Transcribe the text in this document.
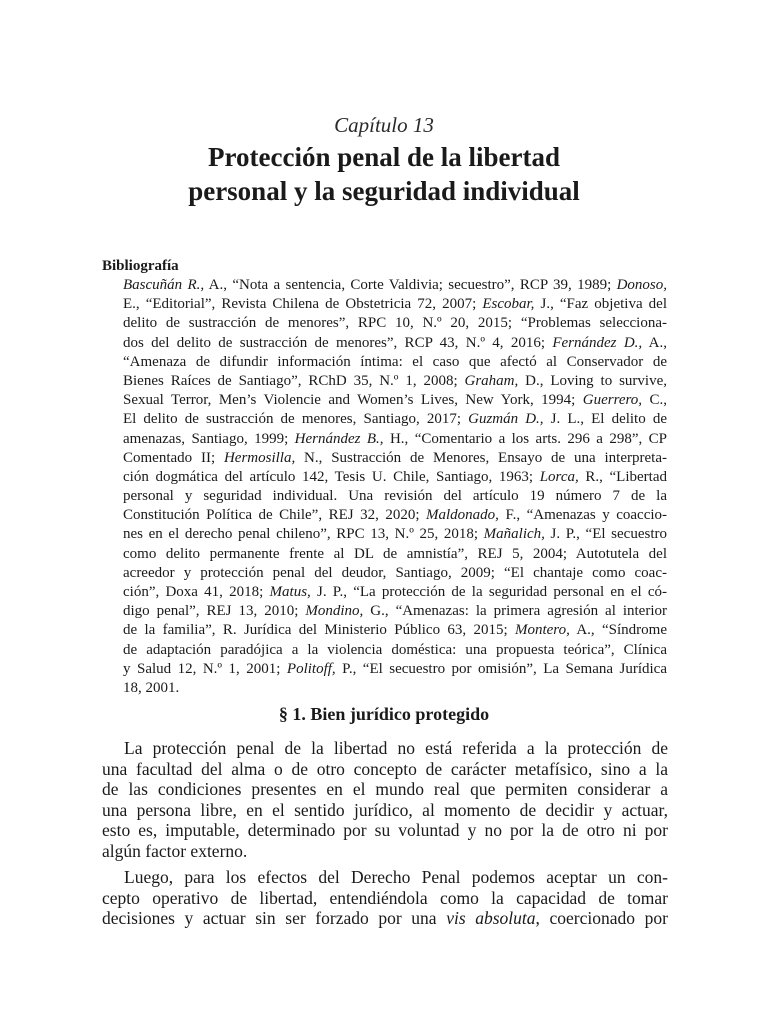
Capítulo 13
Protección penal de la libertad
personal y la seguridad individual
Bibliografía
Bascuñán R., A., “Nota a sentencia, Corte Valdivia; secuestro”, RCP 39, 1989; Donoso,
E., “Editorial”, Revista Chilena de Obstetricia 72, 2007; Escobar, J., “Faz objetiva del
delito de sustracción de menores”, RPC 10, N.º 20, 2015; “Problemas selecciona-
dos del delito de sustracción de menores”, RCP 43, N.º 4, 2016; Fernández D., A.,
“Amenaza de difundir información íntima: el caso que afectó al Conservador de
Bienes Raíces de Santiago”, RChD 35, N.º 1, 2008; Graham, D., Loving to survive,
Sexual Terror, Men’s Violencie and Women’s Lives, New York, 1994; Guerrero, C.,
El delito de sustracción de menores, Santiago, 2017; Guzmán D., J. L., El delito de
amenazas, Santiago, 1999; Hernández B., H., “Comentario a los arts. 296 a 298”, CP
Comentado II; Hermosilla, N., Sustracción de Menores, Ensayo de una interpreta-
ción dogmática del artículo 142, Tesis U. Chile, Santiago, 1963; Lorca, R., “Libertad
personal y seguridad individual. Una revisión del artículo 19 número 7 de la
Constitución Política de Chile”, REJ 32, 2020; Maldonado, F., “Amenazas y coaccio-
nes en el derecho penal chileno”, RPC 13, N.º 25, 2018; Mañalich, J. P., “El secuestro
como delito permanente frente al DL de amnistía”, REJ 5, 2004; Autotutela del
acreedor y protección penal del deudor, Santiago, 2009; “El chantaje como coac-
ción”, Doxa 41, 2018; Matus, J. P., “La protección de la seguridad personal en el có-
digo penal”, REJ 13, 2010; Mondino, G., “Amenazas: la primera agresión al interior
de la familia”, R. Jurídica del Ministerio Público 63, 2015; Montero, A., “Síndrome
de adaptación paradójica a la violencia doméstica: una propuesta teórica”, Clínica
y Salud 12, N.º 1, 2001; Politoff, P., “El secuestro por omisión”, La Semana Jurídica
18, 2001.
§ 1. Bien jurídico protegido
La protección penal de la libertad no está referida a la protección de
una facultad del alma o de otro concepto de carácter metafísico, sino a la
de las condiciones presentes en el mundo real que permiten considerar a
una persona libre, en el sentido jurídico, al momento de decidir y actuar,
esto es, imputable, determinado por su voluntad y no por la de otro ni por
algún factor externo.
Luego, para los efectos del Derecho Penal podemos aceptar un con-
cepto operativo de libertad, entendiéndola como la capacidad de tomar
decisiones y actuar sin ser forzado por una vis absoluta, coercionado por
